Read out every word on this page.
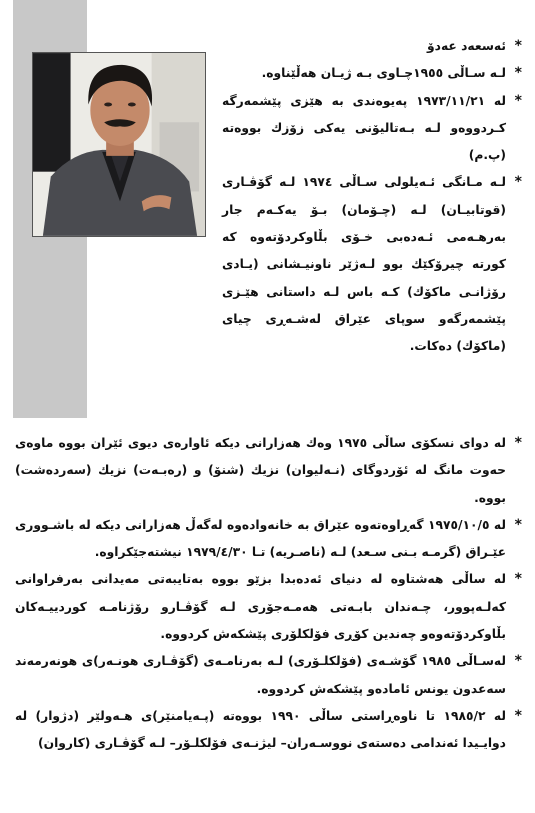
*
ئەسعەد عەدۆ

*
لـە سـاڵی ١٩٥٥چـاوی بـە ژیـان هەڵێناوە.

*
لە ١٩٧٣/١١/٢١ پەیوەندی بە هێزی پێشمەرگە كـردووەو لـە بـەتالیۆنی یەكی زۆزك بووەتە (پ.م)

*
لـە مـانگی ئـەیلولی سـاڵی ١٩٧٤ لـە گۆڤـاری (قوتابیـان) لـە (چـۆمان) بـۆ یەكـەم جار بەرهـەمی ئـەدەبی خـۆی بڵاوكردۆتەوە كە كورتە چیرۆكێك بوو لـەژێر ناونیـشانی (یـادی رۆژانـی ماكۆك) كـە باس لـە داستانی هێـزی پێشمەرگەو سوپای عێراق لەشـەڕی چیای (ماكۆك) دەكات.

*
لە دوای نسكۆی ساڵی ١٩٧٥ وەك هەزارانی دیكە ئاوارەی دیوی ئێران بووە ماوەی حەوت مانگ لە ئۆردوگای (نـەلیوان) نزیك (شنۆ) و (رەبـەت) نزیك (سەردەشت) بووە.

*
لە ١٩٧٥/١٠/٥ گەڕاوەتەوە عێراق بە خانەوادەوە لەگەڵ هەزارانی دیكە لە باشـووری عێـراق (گرمـە بـنی سـعد) لـە (ناصـریە) تـا ١٩٧٩/٤/٣٠ نیشتەجێكراوە.

*
لە ساڵی هەشتاوە لە دنیای ئەدەبدا بزێو بووە بەتایبەتی مەیدانی بەرفراوانی كەلـەپوور، چـەندان بابـەتی هەمـەجۆری لـە گۆڤـارو رۆژنامـە كوردییـەكان بڵاوكردۆتەوەو چەندین كۆڕی فۆلكلۆری پێشكەش كردووە.

*
لەسـاڵی ١٩٨٥ گۆشـەی (فۆلكلـۆری) لـە بەرنامـەی (گۆڤـاری هونـەر)ی هونەرمەند سەعدون یونس ئامادەو پێشكەش كردووە.

*
لە ١٩٨٥/٢ تا ناوەڕاستی ساڵی ١٩٩٠ بووەتە (پـەیامنێر)ی هـەولێر (دژوار) لە دوایـیدا ئەندامی دەستەی نووسـەران– لیژنـەی فۆلكلـۆر– لـە گۆڤـاری (كاروان)
